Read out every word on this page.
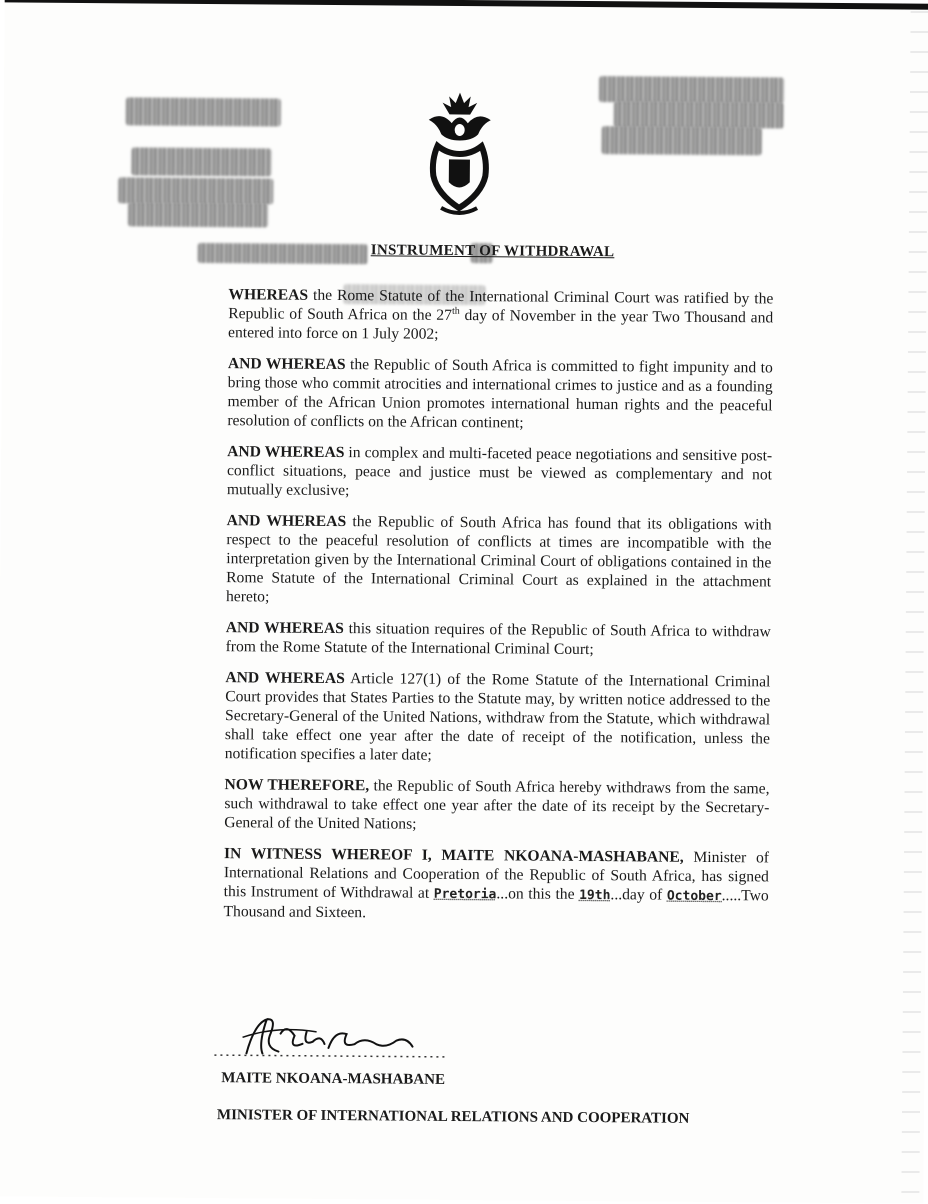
INSTRUMENT OF WITHDRAWAL

WHEREAS the Rome Statute of the International Criminal Court was ratified by the Republic of South Africa on the 27th day of November in the year Two Thousand and entered into force on 1 July 2002;

AND WHEREAS the Republic of South Africa is committed to fight impunity and to bring those who commit atrocities and international crimes to justice and as a founding member of the African Union promotes international human rights and the peaceful resolution of conflicts on the African continent;

AND WHEREAS in complex and multi-faceted peace negotiations and sensitive post-conflict situations, peace and justice must be viewed as complementary and not mutually exclusive;

AND WHEREAS the Republic of South Africa has found that its obligations with respect to the peaceful resolution of conflicts at times are incompatible with the interpretation given by the International Criminal Court of obligations contained in the Rome Statute of the International Criminal Court as explained in the attachment hereto;

AND WHEREAS this situation requires of the Republic of South Africa to withdraw from the Rome Statute of the International Criminal Court;

AND WHEREAS Article 127(1) of the Rome Statute of the International Criminal Court provides that States Parties to the Statute may, by written notice addressed to the Secretary-General of the United Nations, withdraw from the Statute, which withdrawal shall take effect one year after the date of receipt of the notification, unless the notification specifies a later date;

NOW THEREFORE, the Republic of South Africa hereby withdraws from the same, such withdrawal to take effect one year after the date of its receipt by the Secretary-General of the United Nations;

IN WITNESS WHEREOF I, MAITE NKOANA-MASHABANE, Minister of International Relations and Cooperation of the Republic of South Africa, has signed this Instrument of Withdrawal at Pretoria...on this the 19th...day of October.....Two Thousand and Sixteen.

MAITE NKOANA-MASHABANE
MINISTER OF INTERNATIONAL RELATIONS AND COOPERATION
